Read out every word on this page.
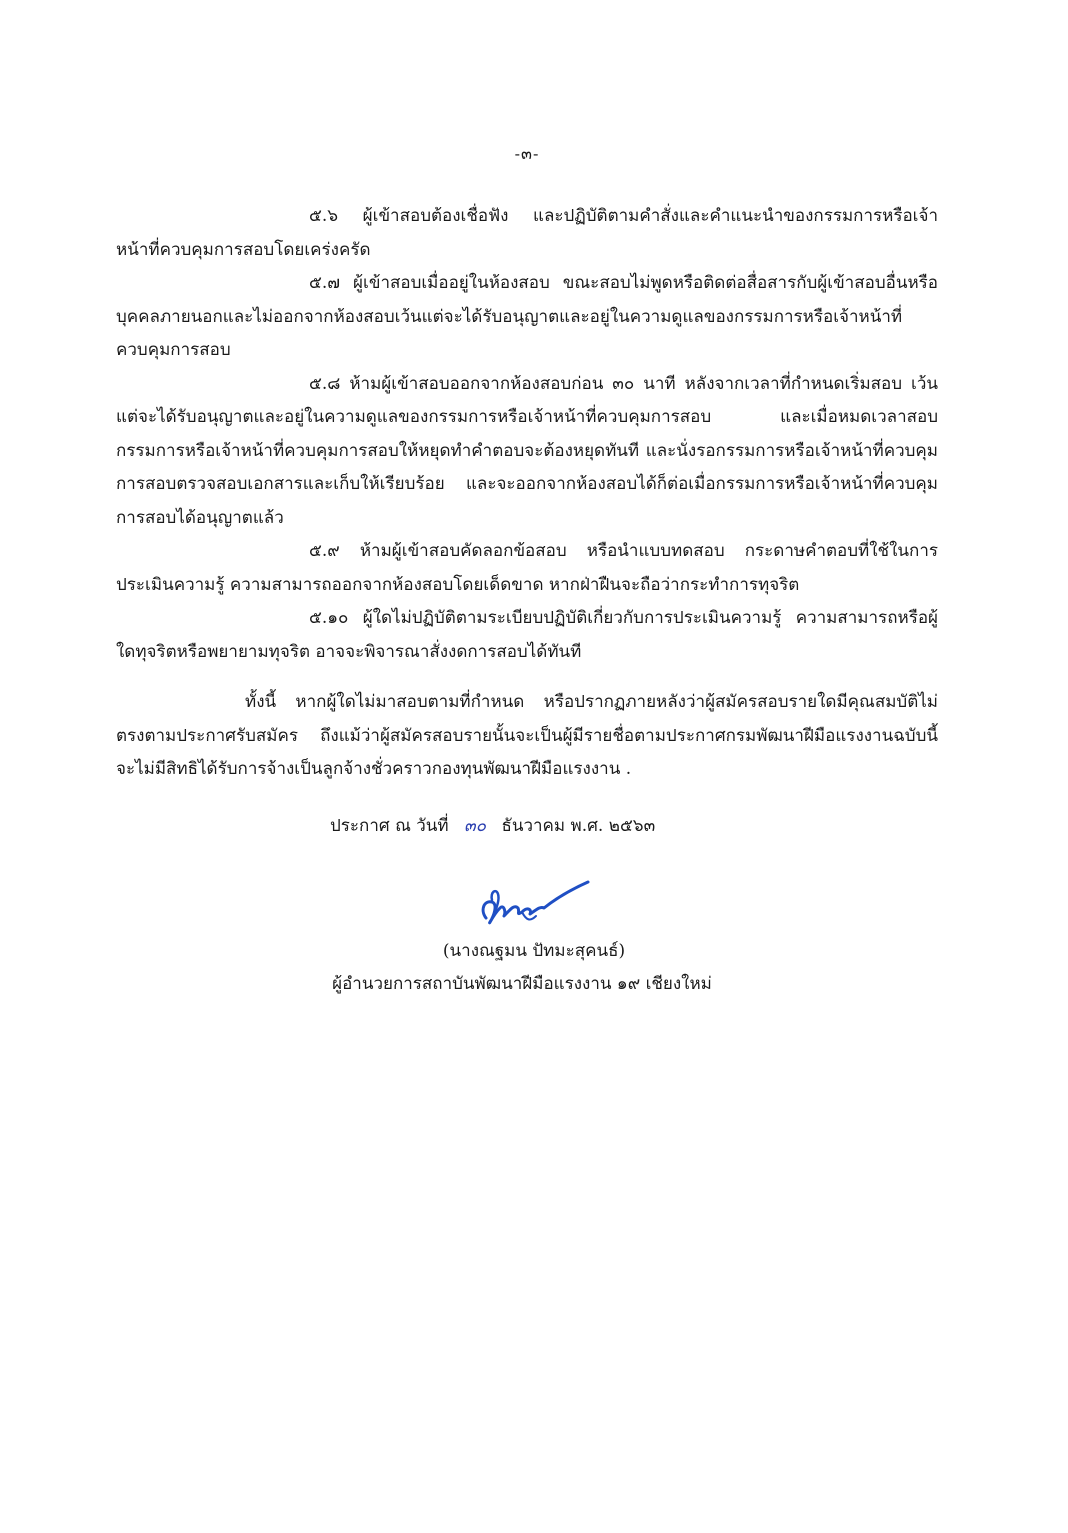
-๓-

๕.๖ ผู้เข้าสอบต้องเชื่อฟัง และปฏิบัติตามคำสั่งและคำแนะนำของกรรมการหรือเจ้าหน้าที่ควบคุมการสอบโดยเคร่งครัด

๕.๗ ผู้เข้าสอบเมื่ออยู่ในห้องสอบ ขณะสอบไม่พูดหรือติดต่อสื่อสารกับผู้เข้าสอบอื่นหรือบุคคลภายนอกและไม่ออกจากห้องสอบเว้นแต่จะได้รับอนุญาตและอยู่ในความดูแลของกรรมการหรือเจ้าหน้าที่ควบคุมการสอบ

๕.๘ ห้ามผู้เข้าสอบออกจากห้องสอบก่อน ๓๐ นาที หลังจากเวลาที่กำหนดเริ่มสอบ เว้นแต่จะได้รับอนุญาตและอยู่ในความดูแลของกรรมการหรือเจ้าหน้าที่ควบคุมการสอบ และเมื่อหมดเวลาสอบ กรรมการหรือเจ้าหน้าที่ควบคุมการสอบให้หยุดทำคำตอบจะต้องหยุดทันที และนั่งรอกรรมการหรือเจ้าหน้าที่ควบคุมการสอบตรวจสอบเอกสารและเก็บให้เรียบร้อย และจะออกจากห้องสอบได้ก็ต่อเมื่อกรรมการหรือเจ้าหน้าที่ควบคุมการสอบได้อนุญาตแล้ว

๕.๙ ห้ามผู้เข้าสอบคัดลอกข้อสอบ หรือนำแบบทดสอบ กระดาษคำตอบที่ใช้ในการประเมินความรู้ ความสามารถออกจากห้องสอบโดยเด็ดขาด หากฝ่าฝืนจะถือว่ากระทำการทุจริต

๕.๑๐ ผู้ใดไม่ปฏิบัติตามระเบียบปฏิบัติเกี่ยวกับการประเมินความรู้ ความสามารถหรือผู้ใดทุจริตหรือพยายามทุจริต อาจจะพิจารณาสั่งงดการสอบได้ทันที

ทั้งนี้ หากผู้ใดไม่มาสอบตามที่กำหนด หรือปรากฏภายหลังว่าผู้สมัครสอบรายใดมีคุณสมบัติไม่ตรงตามประกาศรับสมัคร ถึงแม้ว่าผู้สมัครสอบรายนั้นจะเป็นผู้มีรายชื่อตามประกาศกรมพัฒนาฝีมือแรงงานฉบับนี้จะไม่มีสิทธิได้รับการจ้างเป็นลูกจ้างชั่วคราวกองทุนพัฒนาฝีมือแรงงาน .

ประกาศ ณ วันที่ ๓๐ ธันวาคม พ.ศ. ๒๕๖๓
(นางณฐมน ปัทมะสุคนธ์)
ผู้อำนวยการสถาบันพัฒนาฝีมือแรงงาน ๑๙ เชียงใหม่
